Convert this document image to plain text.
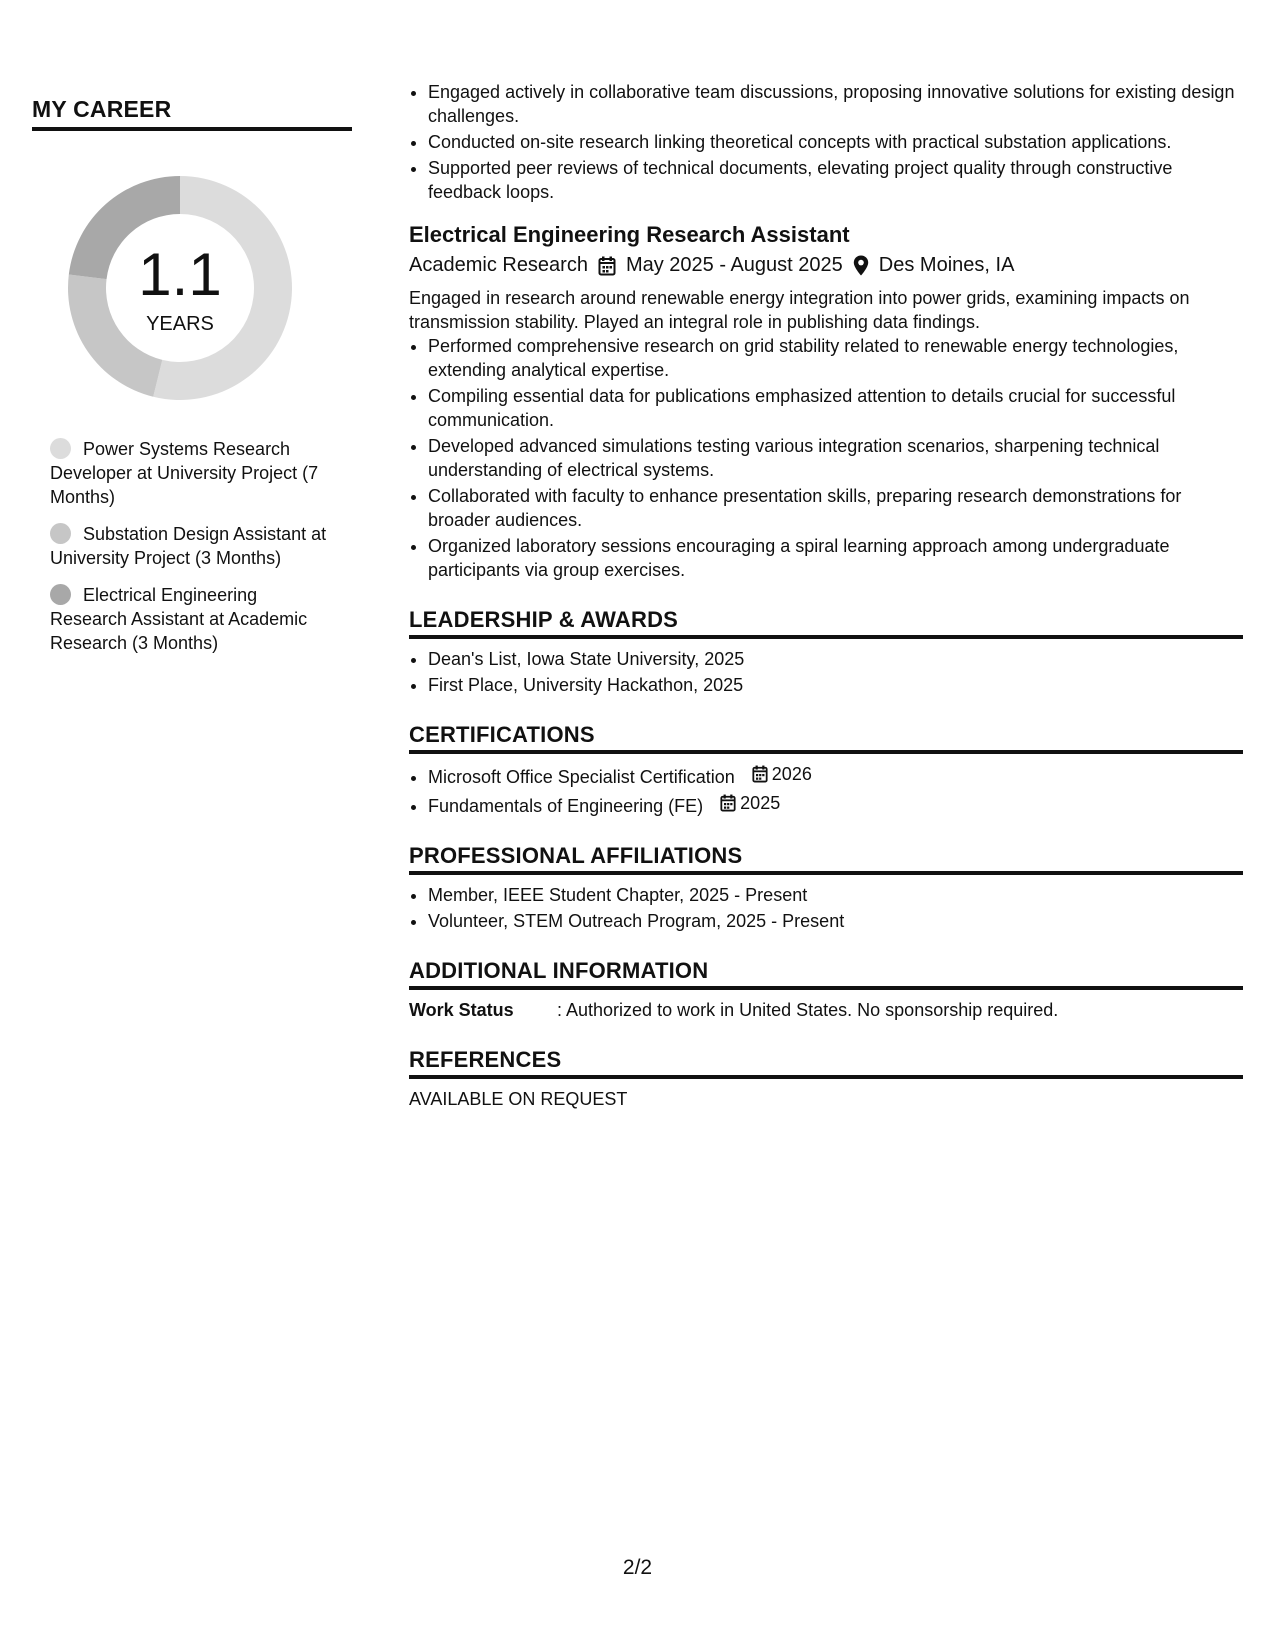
MY CAREER
1.1
YEARS
Power Systems Research Developer at University Project (7 Months)
Substation Design Assistant at University Project (3 Months)
Electrical Engineering Research Assistant at Academic Research (3 Months)
• Engaged actively in collaborative team discussions, proposing innovative solutions for existing design challenges.
• Conducted on-site research linking theoretical concepts with practical substation applications.
• Supported peer reviews of technical documents, elevating project quality through constructive feedback loops.
Electrical Engineering Research Assistant
Academic Research May 2025 - August 2025 Des Moines, IA

Engaged in research around renewable energy integration into power grids, examining impacts on transmission stability. Played an integral role in publishing data findings.

• Performed comprehensive research on grid stability related to renewable energy technologies, extending analytical expertise.
• Compiling essential data for publications emphasized attention to details crucial for successful communication.
• Developed advanced simulations testing various integration scenarios, sharpening technical understanding of electrical systems.
• Collaborated with faculty to enhance presentation skills, preparing research demonstrations for broader audiences.
• Organized laboratory sessions encouraging a spiral learning approach among undergraduate participants via group exercises.
LEADERSHIP & AWARDS
• Dean's List, Iowa State University, 2025
• First Place, University Hackathon, 2025
CERTIFICATIONS
• Microsoft Office Specialist Certification 2026
• Fundamentals of Engineering (FE) 2025
PROFESSIONAL AFFILIATIONS
• Member, IEEE Student Chapter, 2025 - Present
• Volunteer, STEM Outreach Program, 2025 - Present
ADDITIONAL INFORMATION
Work Status	: Authorized to work in United States. No sponsorship required.
REFERENCES
AVAILABLE ON REQUEST
2/2
